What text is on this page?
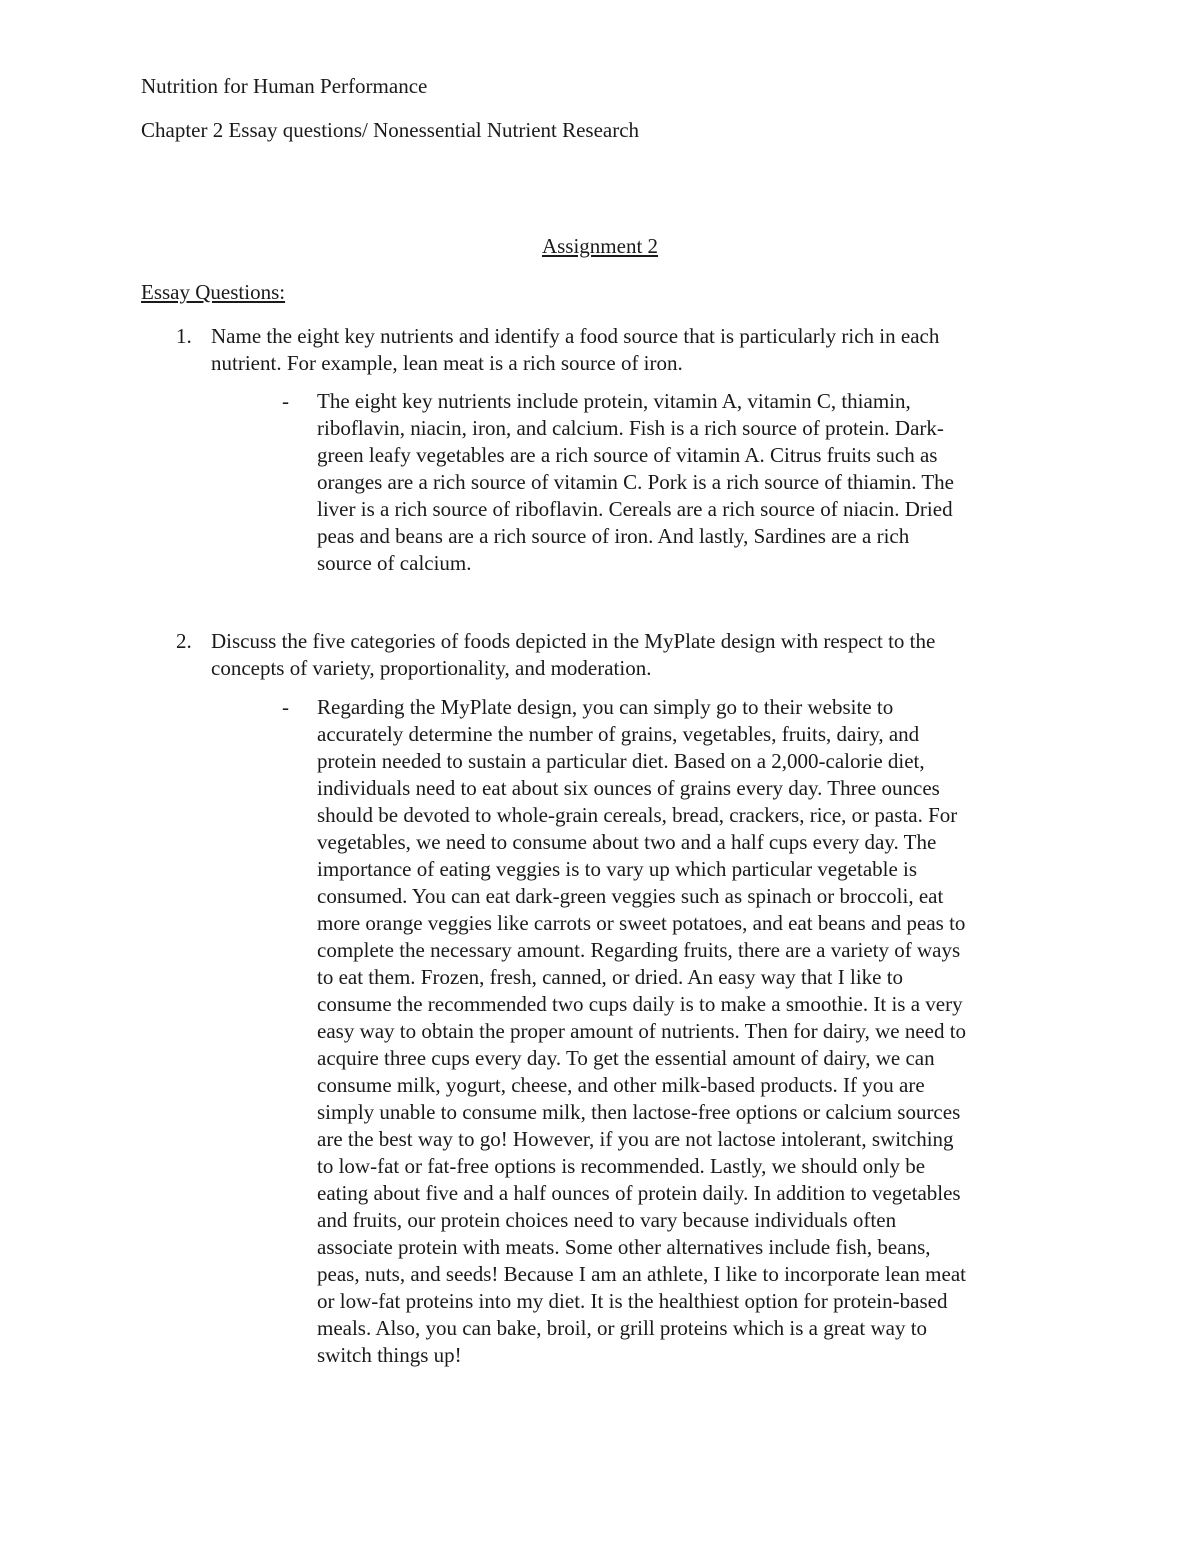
Nutrition for Human Performance
Chapter 2 Essay questions/ Nonessential Nutrient Research
Assignment 2
Essay Questions:
1. Name the eight key nutrients and identify a food source that is particularly rich in each
nutrient. For example, lean meat is a rich source of iron.
- The eight key nutrients include protein, vitamin A, vitamin C, thiamin,
riboflavin, niacin, iron, and calcium. Fish is a rich source of protein. Dark-
green leafy vegetables are a rich source of vitamin A. Citrus fruits such as
oranges are a rich source of vitamin C. Pork is a rich source of thiamin. The
liver is a rich source of riboflavin. Cereals are a rich source of niacin. Dried
peas and beans are a rich source of iron. And lastly, Sardines are a rich
source of calcium.
2. Discuss the five categories of foods depicted in the MyPlate design with respect to the
concepts of variety, proportionality, and moderation.
- Regarding the MyPlate design, you can simply go to their website to
accurately determine the number of grains, vegetables, fruits, dairy, and
protein needed to sustain a particular diet. Based on a 2,000-calorie diet,
individuals need to eat about six ounces of grains every day. Three ounces
should be devoted to whole-grain cereals, bread, crackers, rice, or pasta. For
vegetables, we need to consume about two and a half cups every day. The
importance of eating veggies is to vary up which particular vegetable is
consumed. You can eat dark-green veggies such as spinach or broccoli, eat
more orange veggies like carrots or sweet potatoes, and eat beans and peas to
complete the necessary amount. Regarding fruits, there are a variety of ways
to eat them. Frozen, fresh, canned, or dried. An easy way that I like to
consume the recommended two cups daily is to make a smoothie. It is a very
easy way to obtain the proper amount of nutrients. Then for dairy, we need to
acquire three cups every day. To get the essential amount of dairy, we can
consume milk, yogurt, cheese, and other milk-based products. If you are
simply unable to consume milk, then lactose-free options or calcium sources
are the best way to go! However, if you are not lactose intolerant, switching
to low-fat or fat-free options is recommended. Lastly, we should only be
eating about five and a half ounces of protein daily. In addition to vegetables
and fruits, our protein choices need to vary because individuals often
associate protein with meats. Some other alternatives include fish, beans,
peas, nuts, and seeds! Because I am an athlete, I like to incorporate lean meat
or low-fat proteins into my diet. It is the healthiest option for protein-based
meals. Also, you can bake, broil, or grill proteins which is a great way to
switch things up!
